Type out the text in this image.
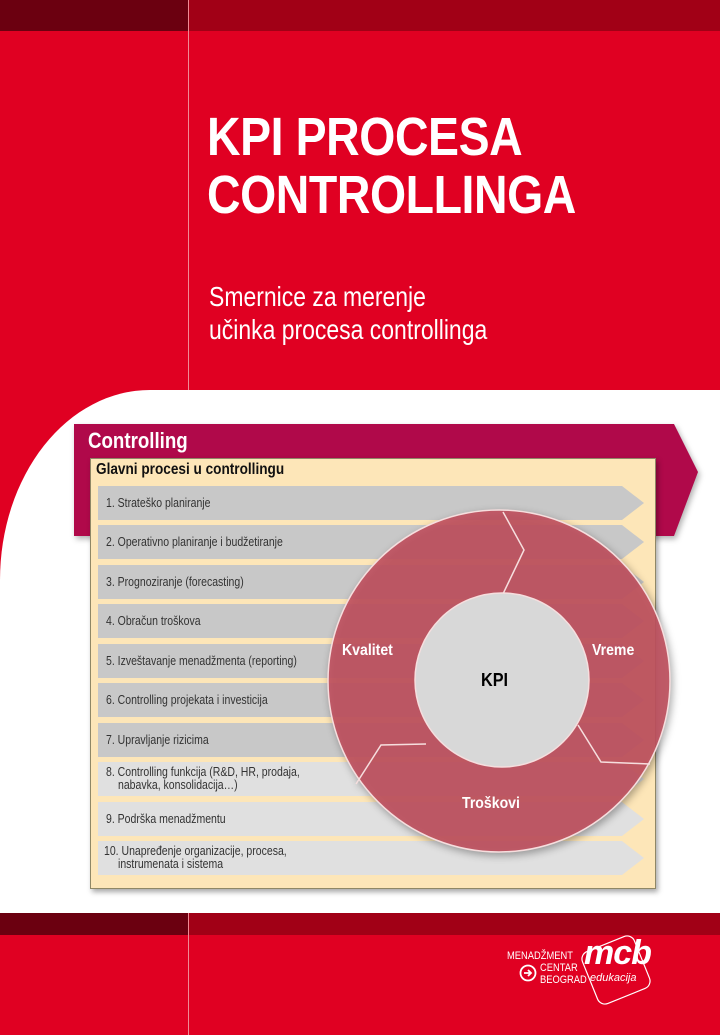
KPI PROCESA
CONTROLLINGA
Smernice za merenje
učinka procesa controllinga
Controlling
Glavni procesi u controllingu
1. Strateško planiranje
2. Operativno planiranje i budžetiranje
3. Prognoziranje (forecasting)
4. Obračun troškova
5. Izveštavanje menadžmenta (reporting)
6. Controlling projekata i investicija
7. Upravljanje rizicima
8. Controlling funkcija (R&D, HR, prodaja,
nabavka, konsolidacija…)
9. Podrška menadžmentu
10. Unapređenje organizacije, procesa,
instrumenata i sistema
Kvalitet	Vreme
Troškovi
KPI
MENADŽMENT
CENTAR
BEOGRAD
mcb
edukacija
